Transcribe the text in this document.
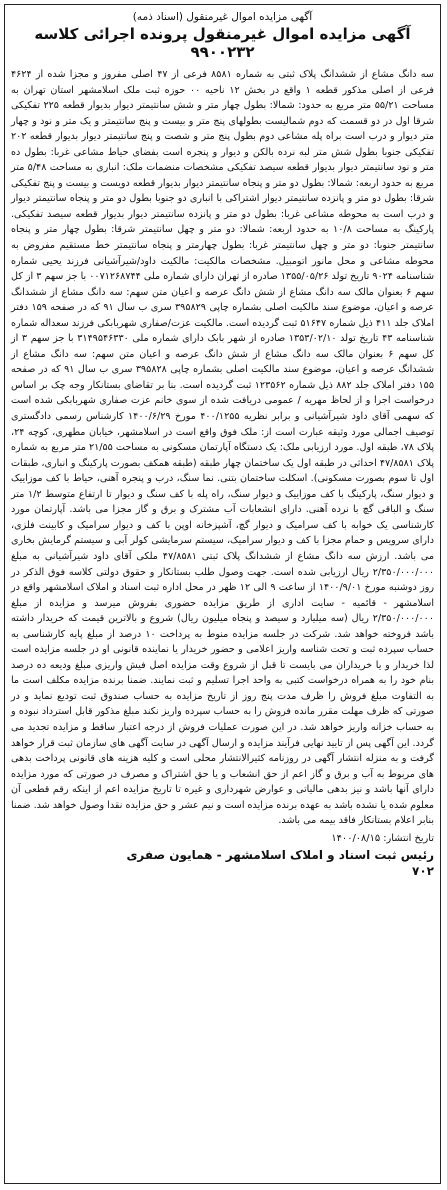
آگهی مزایده اموال غیرمنقول (اسناد ذمه)
آگهی مزایده اموال غیرمنقول پرونده اجرائی کلاسه ۹۹۰۰۲۳۲

سه دانگ مشاع از ششدانگ پلاک ثبتی به شماره ۸۵۸۱ فرعی از ۴۷ اصلی مفروز و مجزا شده از ۴۶۲۴ فرعی از اصلی مذکور قطعه ۱ واقع در بخش ۱۲ ناحیه ۰۰ حوزه ثبت ملک اسلامشهر استان تهران به مساحت ۵۵/۲۱ متر مربع به حدود: شمالا: بطول چهار متر و شش سانتیمتر دیوار بدیوار قطعه ۲۲۵ تفکیکی شرقا اول در دو قسمت که دوم شمالیست بطولهای پنج متر و بیست و پنج سانتیمتر و یک متر و نود و چهار متر دیوار و درب است براه پله مشاعی دوم بطول پنج متر و شصت و پنج سانتیمتر دیوار بدیوار قطعه ۲۰۲ تفکیکی جنوبا بطول شش متر لبه نرده بالکن و دیوار و پنجره است بفضای حیاط مشاعی غربا: بطول ده متر و نود سانتیمتر دیوار بدیوار قطعه سیصد تفکیکی مشخصات منضمات ملک: انباری به مساحت ۵/۴۸ متر مربع به حدود اربعه: شمالا: بطول دو متر و پنجاه سانتیمتر دیوار بدیوار قطعه دویست و بیست و پنج تفکیکی شرقا: بطول دو متر و پانزده سانتیمتر دیوار اشتراکی با انباری دو جنوبا بطول دو متر و پنجاه سانتیمتر دیوار و درب است به محوطه مشاعی غربا: بطول دو متر و پانزده سانتیمتر دیوار بدیوار قطعه سیصد تفکیکی. پارکینگ به مساحت ۱۰/۸ به حدود اربعه: شمالا: دو متر و چهل سانتیمتر شرقا: بطول چهار متر و پنجاه سانتیمتر جنوبا: دو متر و چهل سانتیمتر غربا: بطول چهارمتر و پنجاه سانتیمتر خط مستقیم مفروض به محوطه مشاعی و محل مانور اتومبیل. مشخصات مالکیت: مالکیت داود/شیرآشیانی فرزند یحیی شماره شناسنامه ۹۰۲۴ تاریخ تولد ۱۳۵۵/۰۵/۲۶ صادره از تهران دارای شماره ملی ۰۰۷۱۲۶۸۷۴۴ با جز سهم ۳ از کل سهم ۶ بعنوان مالک سه دانگ مشاع از شش دانگ عرصه و اعیان متن سهم: سه دانگ مشاع از ششدانگ عرصه و اعیان، موضوع سند مالکیت اصلی بشماره چاپی ۳۹۵۸۲۹ سری ب سال ۹۱ که در صفحه ۱۵۹ دفتر املاک جلد ۴۱۱ ذیل شماره ۵۱۶۴۷ ثبت گردیده است. مالکیت عزت/صفاری شهربابکی فرزند سعداله شماره شناسنامه ۴۳ تاریخ تولد ۱۳۵۳/۰۲/۱۰ صادره از شهر بابک دارای شماره ملی ۳۱۴۹۵۴۶۳۳۰ با جز سهم ۳ از کل سهم ۶ بعنوان مالک سه دانگ مشاع از شش دانگ عرصه و اعیان متن سهم: سه دانگ مشاع از ششدانگ عرصه و اعیان، موضوع سند مالکیت اصلی بشماره چاپی ۳۹۵۸۲۸ سری ب سال ۹۱ که در صفحه ۱۵۵ دفتر املاک جلد ۸۸۲ ذیل شماره ۱۲۳۵۶۲ ثبت گردیده است. بنا بر تقاضای بستانکار وجه چک بر اساس درخواست اجرا و از لحاظ مهریه / عمومی دریافت شده از سوی خانم عزت صفاری شهربابکی شده است که سهمی آقای داود شیرآشیانی و برابر نظریه ۴۰۰/۱۲۵۵ مورخ ۱۴۰۰/۶/۲۹ کارشناس رسمی دادگستری توصیف اجمالی مورد وثیقه عبارت است از: ملک فوق واقع است در اسلامشهر، خیابان مطهری، کوچه ۲۴، پلاک ۷۸، طبقه اول. مورد ارزیابی ملک: یک دستگاه آپارتمان مسکونی به مساحت ۲۱/۵۵ متر مربع به شماره پلاک ۴۷/۸۵۸۱ احداثی در طبقه اول یک ساختمان چهار طبقه (طبقه همکف بصورت پارکینگ و انباری، طبقات اول تا سوم بصورت مسکونی). اسکلت ساختمان بتنی. نما سنگ، درب و پنجره آهنی، حیاط با کف موزاییک و دیوار سنگ، پارکینگ با کف موزاییک و دیوار سنگ، راه پله با کف سنگ و دیوار تا ارتفاع متوسط ۱/۲ متر سنگ و الباقی گچ با نرده آهنی. دارای انشعابات آب مشترک و برق و گاز مجزا می باشد. آپارتمان مورد کارشناسی یک خوابه با کف سرامیک و دیوار گچ، آشپزخانه اوپن با کف و دیوار سرامیک و کابینت فلزی، دارای سرویس و حمام مجزا با کف و دیوار سرامیک، سیستم سرمایشی کولر آبی و سیستم گرمایش بخاری می باشد. ارزش سه دانگ مشاع از ششدانگ پلاک ثبتی ۴۷/۸۵۸۱ ملکی آقای داود شیرآشیانی به مبلغ ۲/۳۵۰/۰۰۰/۰۰۰ ریال ارزیابی شده است. جهت وصول طلب بستانکار و حقوق دولتی کلاسه فوق الذکر در روز دوشنبه مورخ ۱۴۰۰/۹/۰۱ از ساعت ۹ الی ۱۲ ظهر در محل اداره ثبت اسناد و املاک اسلامشهر واقع در اسلامشهر - قائمیه - سایت اداری از طریق مزایده حضوری بفروش میرسد و مزایده از مبلغ ۲/۳۵۰/۰۰۰/۰۰۰ ریال (سه میلیارد و سیصد و پنجاه میلیون ریال) شروع و بالاترین قیمت که خریدار داشته باشد فروخته خواهد شد. شرکت در جلسه مزایده منوط به پرداخت ۱۰ درصد از مبلغ پایه کارشناسی به حساب سپرده ثبت و تحت شناسه واریز اعلامی و حضور خریدار یا نماینده قانونی او در جلسه مزایده است لذا خریدار و یا خریداران می بایست تا قبل از شروع وقت مزایده اصل فیش واریزی مبلغ ودیعه ده درصد بنام خود را به همراه درخواست کتبی به واحد اجرا تسلیم و ثبت نمایند. ضمنا برنده مزایده مکلف است ما به التفاوت مبلغ فروش را ظرف مدت پنج روز از تاریخ مزایده به حساب صندوق ثبت تودیع نماید و در صورتی که ظرف مهلت مقرر مانده فروش را به حساب سپرده واریز نکند مبلغ مذکور قابل استرداد نبوده و به حساب خزانه واریز خواهد شد. در این صورت عملیات فروش از درجه اعتبار ساقط و مزایده تجدید می گردد. این آگهی پس از تایید نهایی فرآیند مزایده و ارسال آگهی در سایت آگهی های سازمان ثبت قرار خواهد گرفت و به منزله انتشار آگهی در روزنامه کثیرالانتشار محلی است و کلیه هزینه های قانونی پرداخت بدهی های مربوط به آب و برق و گاز اعم از حق انشعاب و یا حق اشتراک و مصرف در صورتی که مورد مزایده دارای آنها باشد و نیز بدهی مالیاتی و عوارض شهرداری و غیره تا تاریخ مزایده اعم از اینکه رقم قطعی آن معلوم شده یا نشده باشد به عهده برنده مزایده است و نیم عشر و حق مزایده نقدا وصول خواهد شد. ضمنا بنابر اعلام بستانکار فاقد بیمه می باشد.

تاریخ انتشار: ۱۴۰۰/۰۸/۱۵
رئیس ثبت اسناد و املاک اسلامشهر - همایون صفری
۷۰۲
